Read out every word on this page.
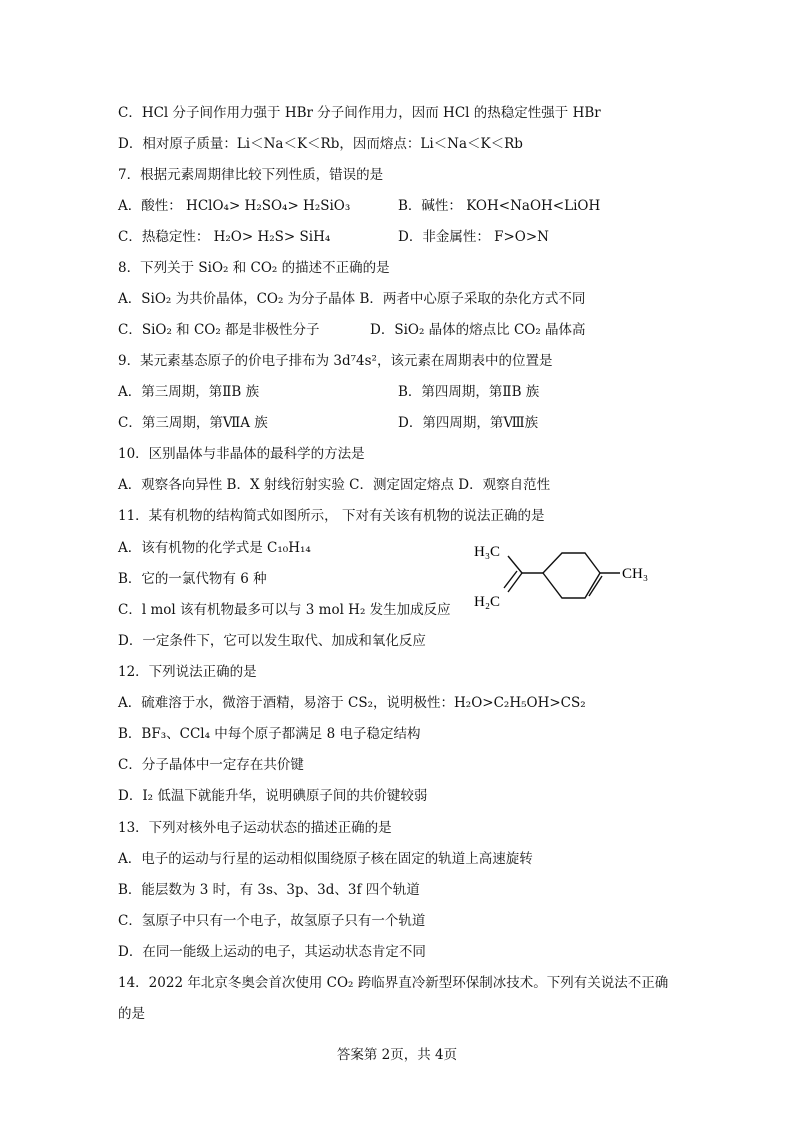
C．HCl 分子间作用力强于 HBr 分子间作用力，因而 HCl 的热稳定性强于 HBr
D．相对原子质量：Li＜Na＜K＜Rb，因而熔点：Li＜Na＜K＜Rb
7．根据元素周期律比较下列性质，错误的是
A．酸性： HClO₄> H₂SO₄> H₂SiO₃	B．碱性： KOH<NaOH<LiOH
C．热稳定性： H₂O> H₂S> SiH₄	D．非金属性： F>O>N
8．下列关于 SiO₂ 和 CO₂ 的描述不正确的是
A．SiO₂ 为共价晶体，CO₂ 为分子晶体 B．两者中心原子采取的杂化方式不同
C．SiO₂ 和 CO₂ 都是非极性分子	D．SiO₂ 晶体的熔点比 CO₂ 晶体高
9．某元素基态原子的价电子排布为 3d⁷4s²，该元素在周期表中的位置是
A．第三周期，第ⅡB 族	B．第四周期，第ⅡB 族
C．第三周期，第ⅦA 族	D．第四周期，第Ⅷ族
10．区别晶体与非晶体的最科学的方法是
A．观察各向异性 B．X 射线衍射实验 C．测定固定熔点 D．观察自范性
11．某有机物的结构简式如图所示， 下对有关该有机物的说法正确的是
A．该有机物的化学式是 C₁₀H₁₄
B．它的一氯代物有 6 种
C．l mol 该有机物最多可以与 3 mol H₂ 发生加成反应
D．一定条件下，它可以发生取代、加成和氧化反应
12．下列说法正确的是
A．硫难溶于水，微溶于酒精，易溶于 CS₂，说明极性：H₂O>C₂H₅OH>CS₂
B．BF₃、CCl₄ 中每个原子都满足 8 电子稳定结构
C．分子晶体中一定存在共价键
D．I₂ 低温下就能升华，说明碘原子间的共价键较弱
13．下列对核外电子运动状态的描述正确的是
A．电子的运动与行星的运动相似围绕原子核在固定的轨道上高速旋转
B．能层数为 3 时，有 3s、3p、3d、3f 四个轨道
C．氢原子中只有一个电子，故氢原子只有一个轨道
D．在同一能级上运动的电子，其运动状态肯定不同
14．2022 年北京冬奥会首次使用 CO₂ 跨临界直冷新型环保制冰技术。下列有关说法不正确
的是
H₃C
H₂C
CH₃
答案第 2页，共 4页
